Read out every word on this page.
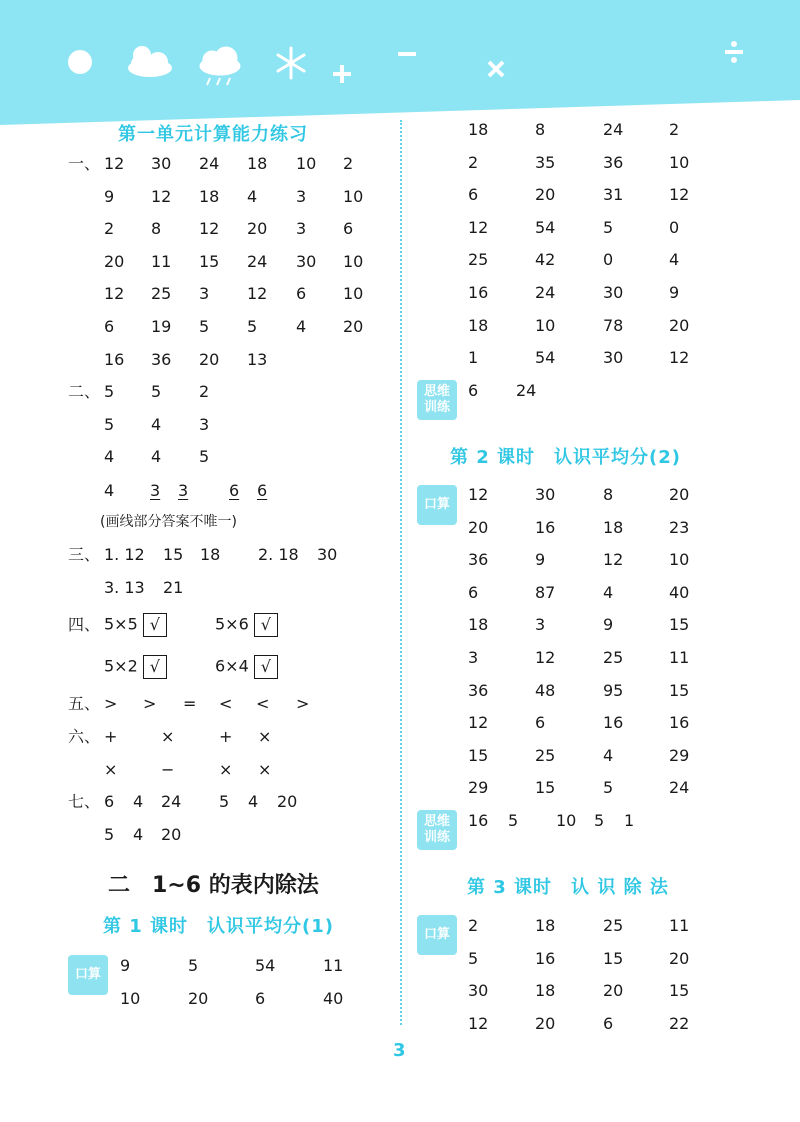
第一单元计算能力练习
一、 12 30 24 18 10 2
9 12 18 4 3 10
2 8 12 20 3 6
20 11 15 24 30 10
12 25 3 12 6 10
6 19 5 5 4 20
16 36 20 13
二、 5 5 2
5 4 3
4 4 5
4 3 3	6 6
(画线部分答案不唯一)
三、 1. 12 15 18 2. 18 30
3. 13 21
四、 5×5 √	5×6 √
5×2 √	6×4 √
五、 > > = < < >
六、 +	×	+ ×
×	−	× ×
七、 6 4 24 5 4 20
5 4 20
二　1~6 的表内除法
第 1 课时　认识平均分(1)
口算	9	5	54	11
10	20	6	40
18	8	24	2
2	35	36	10
6	20	31	12
12	54	5	0
25	42	0	4
16	24	30	9
18	10	78	20
1	54	30	12
思维
训练
6 24
第 2 课时　认识平均分(2)
口算
12	30	8	20
20	16	18	23
36	9	12	10
6	87	4	40
18	3	9	15
3	12	25	11
36	48	95	15
12	6	16	16
15	25	4	29
29	15	5	24
思维
训练
16 5 10 5 1
第 3 课时　认 识 除 法
口算	2	18	25	11
5	16	15	20
30	18	20	15
12	20	6	22
3
